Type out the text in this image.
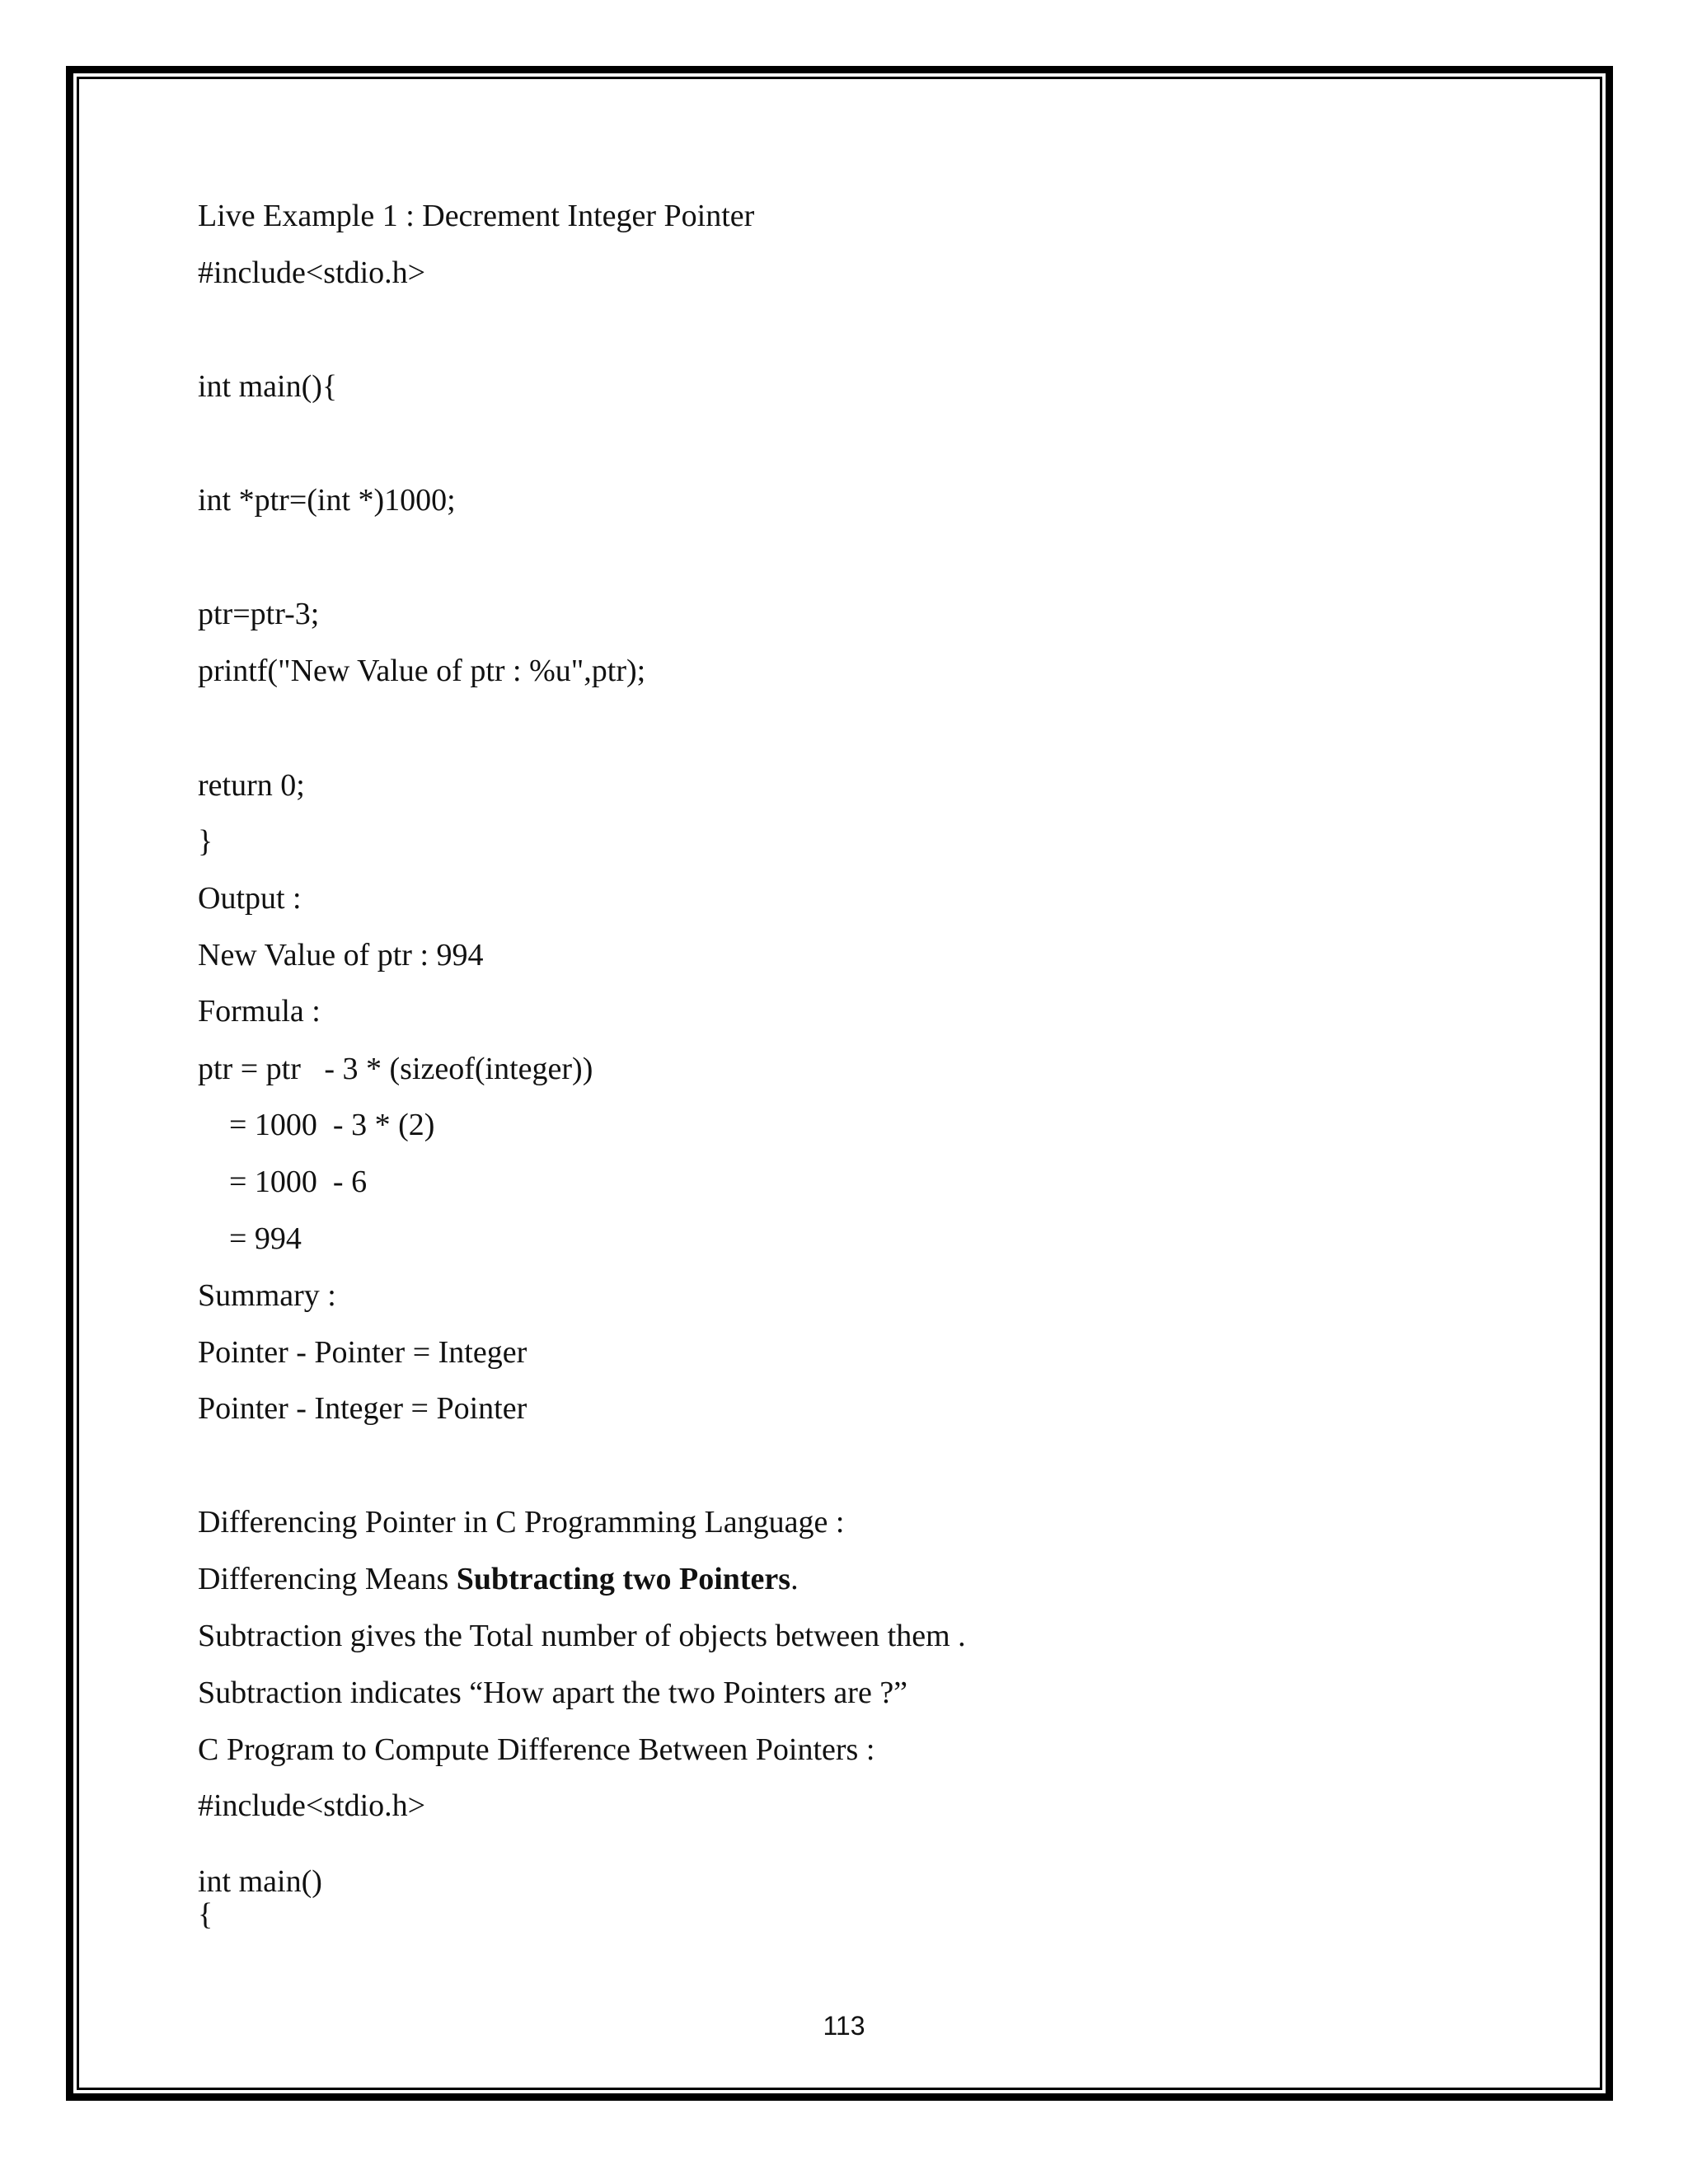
Live Example 1 : Decrement Integer Pointer
#include<stdio.h>
int main(){
int *ptr=(int *)1000;
ptr=ptr-3;
printf("New Value of ptr : %u",ptr);
return 0;
}
Output :
New Value of ptr : 994
Formula :
ptr = ptr   - 3 * (sizeof(integer))
= 1000  - 3 * (2)
= 1000  - 6
= 994
Summary :
Pointer - Pointer = Integer
Pointer - Integer = Pointer
Differencing Pointer in C Programming Language :
Differencing Means Subtracting two Pointers.
Subtraction gives the Total number of objects between them .
Subtraction indicates “How apart the two Pointers are ?”
C Program to Compute Difference Between Pointers :
#include<stdio.h>
int main()
{
113
